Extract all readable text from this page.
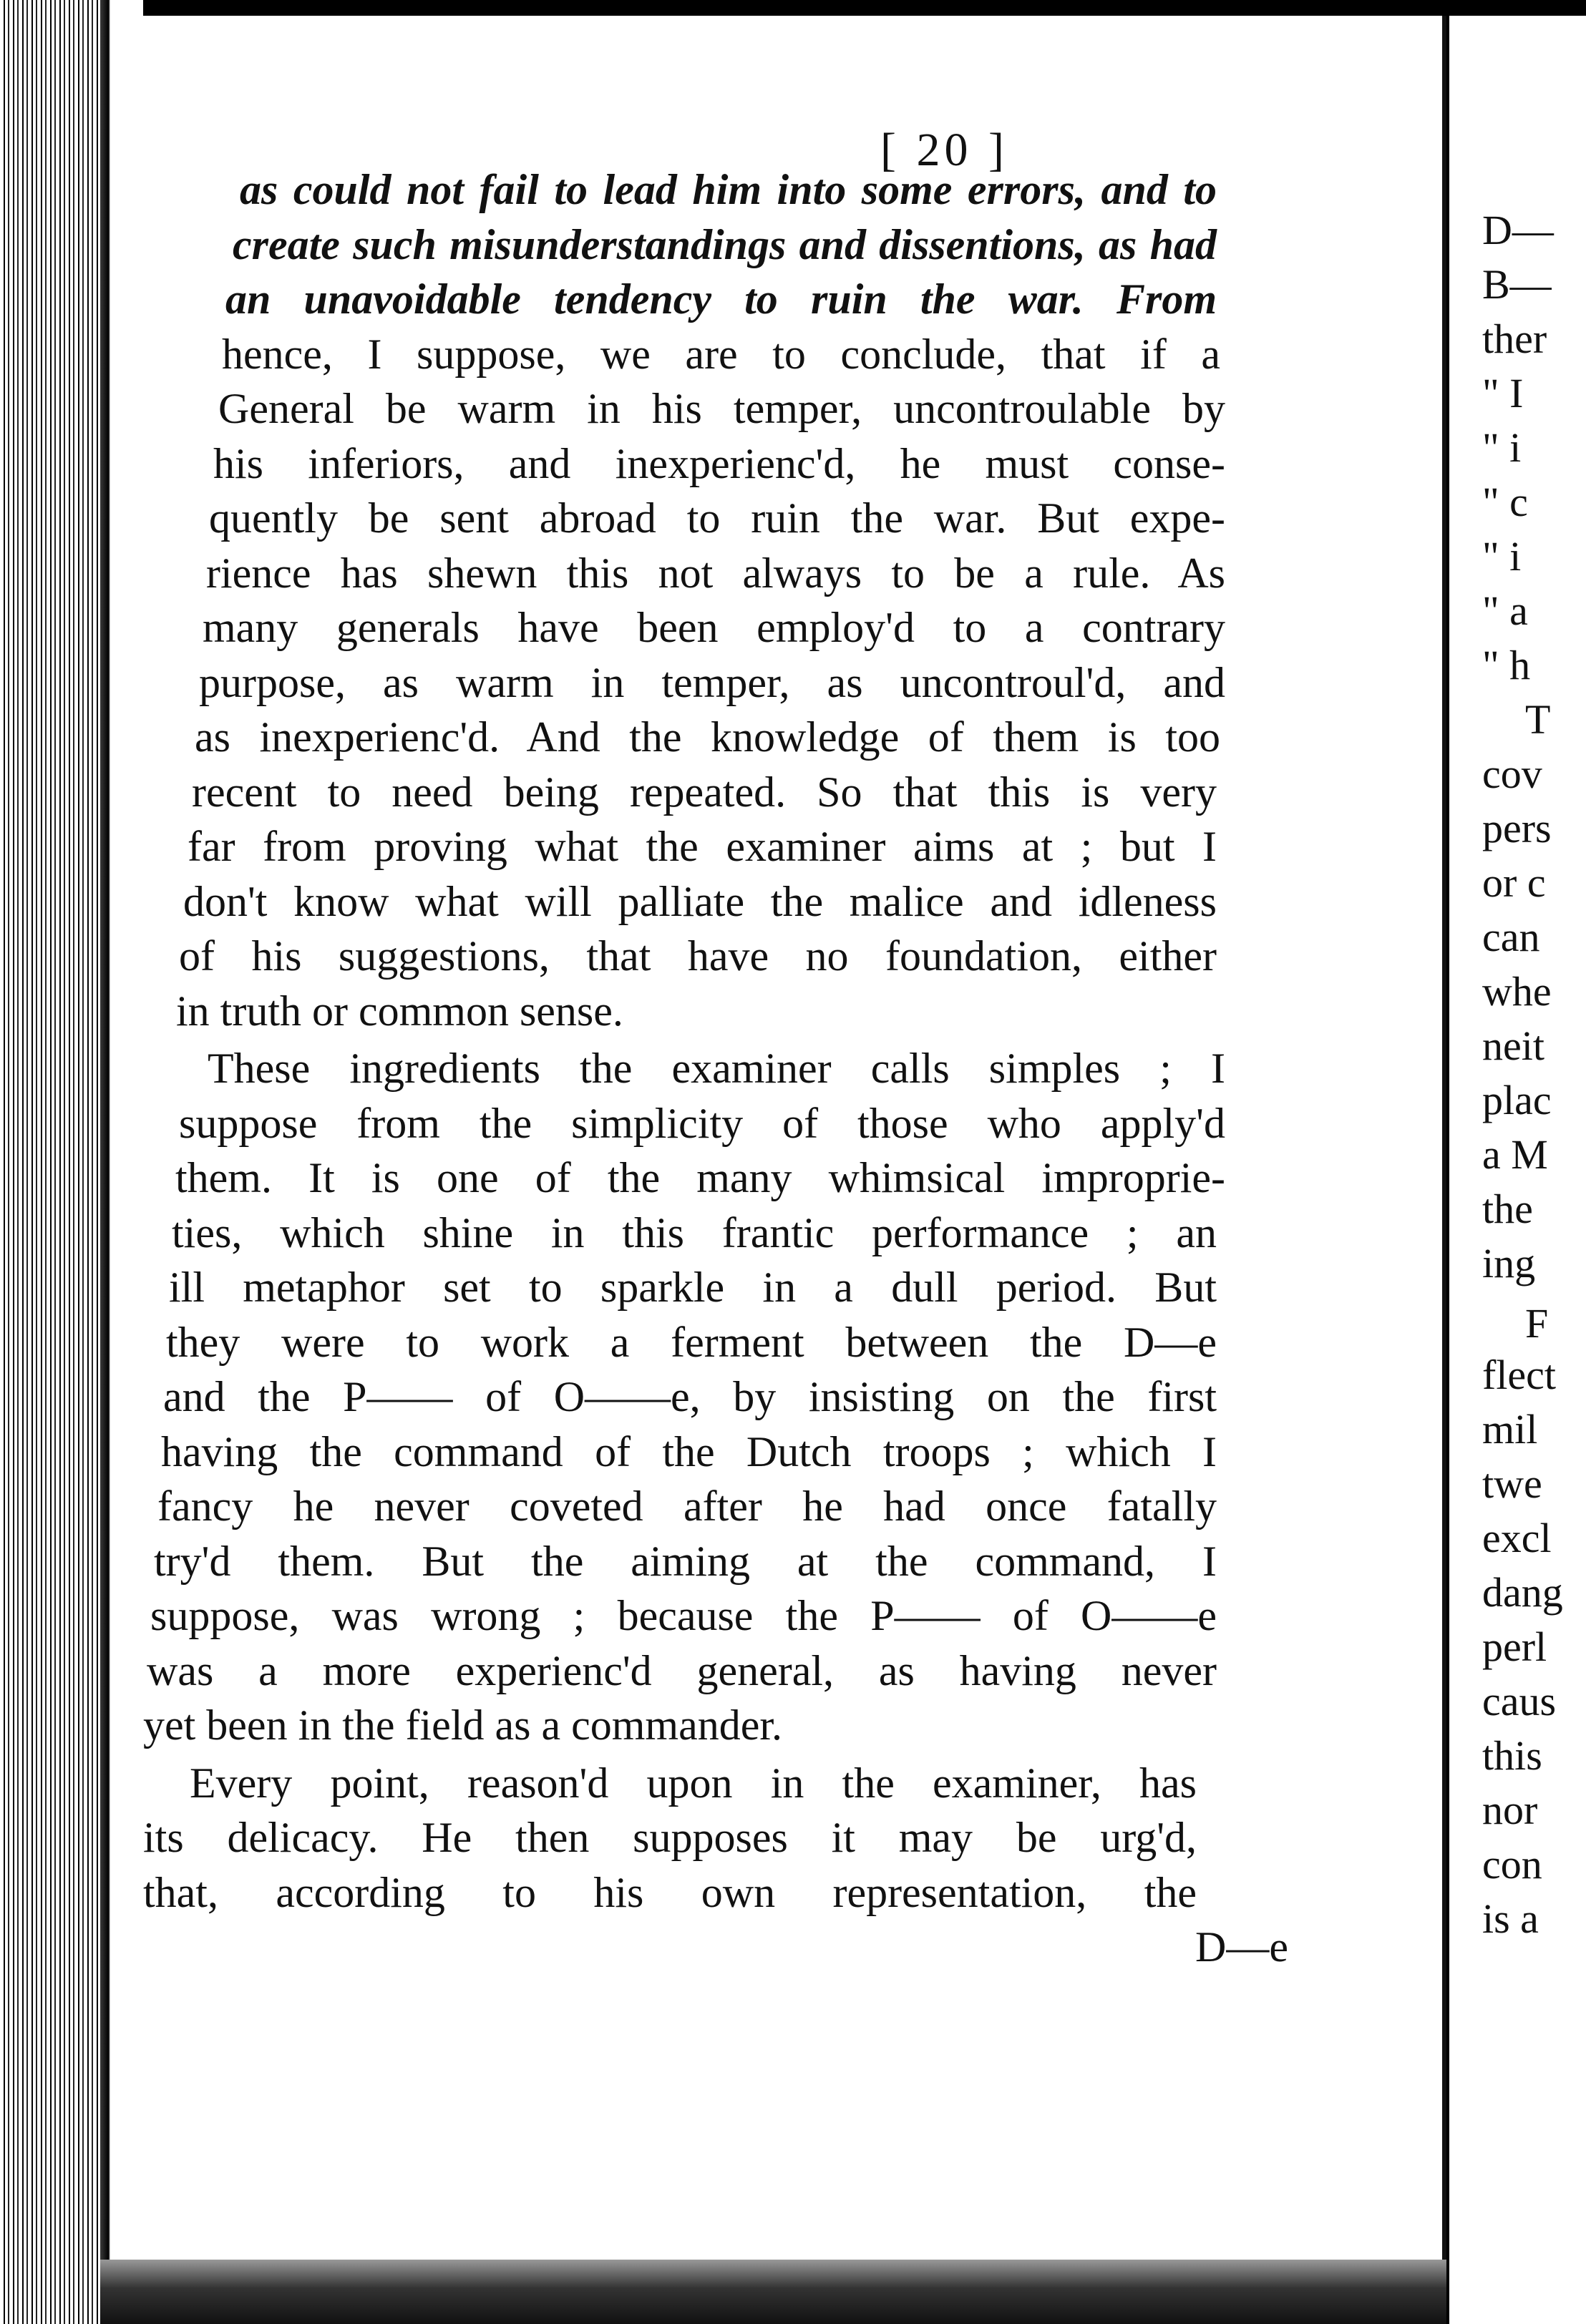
[ 20 ]
as could not fail to lead him into some errors, and to
create such misunderstandings and dissentions, as had
an unavoidable tendency to ruin the war. From
hence, I suppose, we are to conclude, that if a
General be warm in his temper, uncontroulable by
his inferiors, and inexperienc'd, he must conse-
quently be sent abroad to ruin the war. But expe-
rience has shewn this not always to be a rule. As
many generals have been employ'd to a contrary
purpose, as warm in temper, as uncontroul'd, and
as inexperienc'd. And the knowledge of them is too
recent to need being repeated. So that this is very
far from proving what the examiner aims at ; but I
don't know what will palliate the malice and idleness
of his suggestions, that have no foundation, either
in truth or common sense.
These ingredients the examiner calls simples ; I
suppose from the simplicity of those who apply'd
them. It is one of the many whimsical improprie-
ties, which shine in this frantic performance ; an
ill metaphor set to sparkle in a dull period. But
they were to work a ferment between the D—e
and the P—— of O——e, by insisting on the first
having the command of the Dutch troops ; which I
fancy he never coveted after he had once fatally
try'd them. But the aiming at the command, I
suppose, was wrong ; because the P—— of O——e
was a more experienc'd general, as having never
yet been in the field as a commander.
Every point, reason'd upon in the examiner, has
its delicacy. He then supposes it may be urg'd,
that, according to his own representation, the
D—e
D—
B—
ther
" I
" i
" c
" i
" a
" h
T
cov
pers
or c
can
whe
neit
plac
a M
the
ing
F
flect
mil
twe
excl
dang
perl
caus
this
nor
con
is a
